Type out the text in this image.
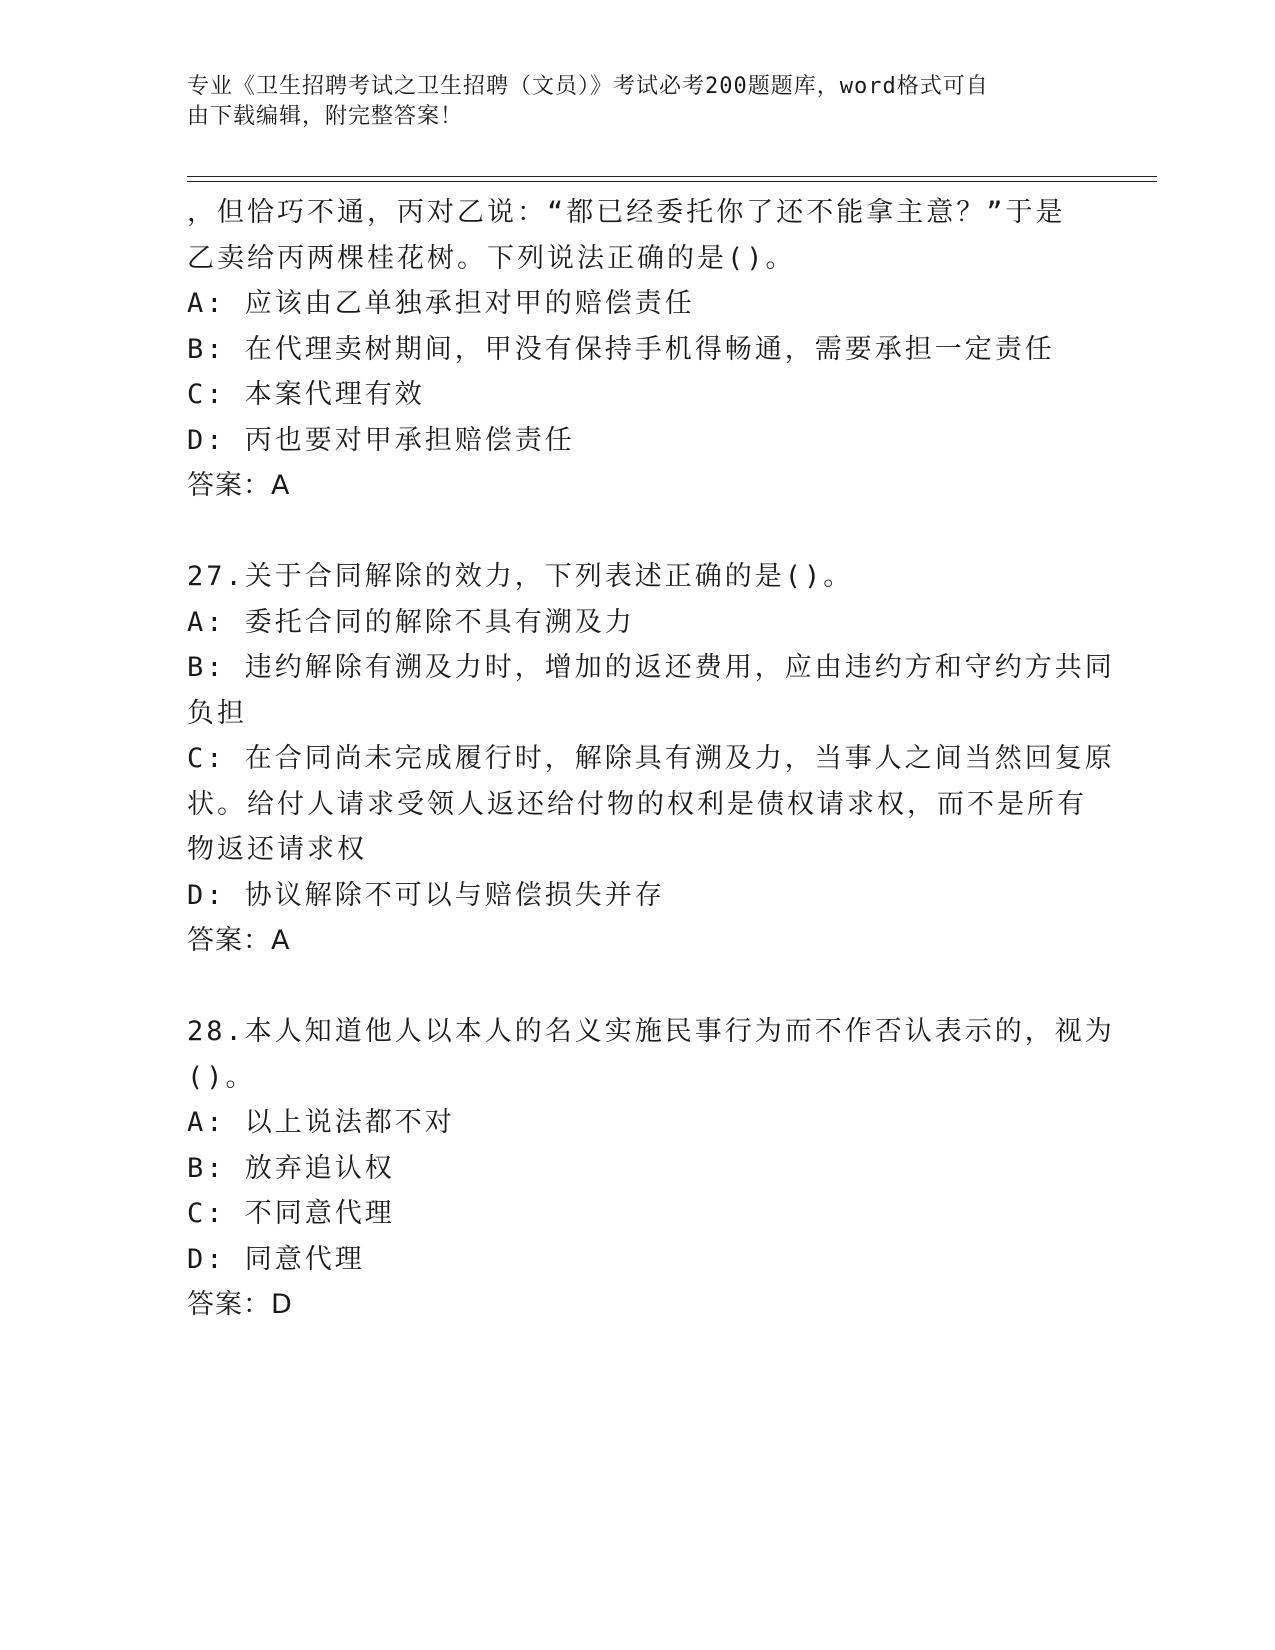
专业《卫生招聘考试之卫生招聘（文员）》考试必考200题题库，word格式可自
由下载编辑，附完整答案！
，但恰巧不通，丙对乙说：“都已经委托你了还不能拿主意？”于是
乙卖给丙两棵桂花树。下列说法正确的是()。
A: 应该由乙单独承担对甲的赔偿责任
B: 在代理卖树期间，甲没有保持手机得畅通，需要承担一定责任
C: 本案代理有效
D: 丙也要对甲承担赔偿责任
答案：A
27.关于合同解除的效力，下列表述正确的是()。
A: 委托合同的解除不具有溯及力
B: 违约解除有溯及力时，增加的返还费用，应由违约方和守约方共同
负担
C: 在合同尚未完成履行时，解除具有溯及力，当事人之间当然回复原
状。给付人请求受领人返还给付物的权利是债权请求权，而不是所有
物返还请求权
D: 协议解除不可以与赔偿损失并存
答案：A
28.本人知道他人以本人的名义实施民事行为而不作否认表示的，视为
()。
A: 以上说法都不对
B: 放弃追认权
C: 不同意代理
D: 同意代理
答案：D
